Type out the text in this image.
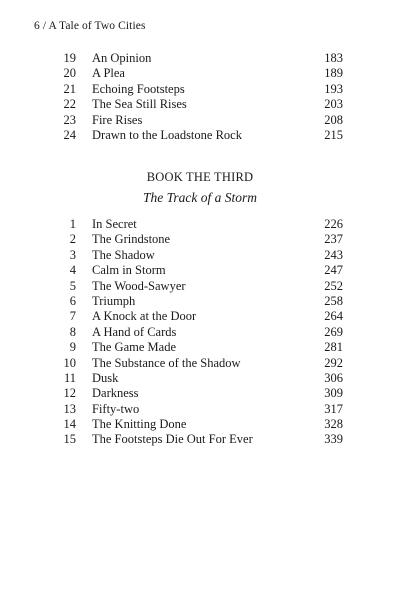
6 / A Tale of Two Cities
19	An Opinion	183
20	A Plea	189
21	Echoing Footsteps	193
22	The Sea Still Rises	203
23	Fire Rises	208
24	Drawn to the Loadstone Rock	215
BOOK THE THIRD
The Track of a Storm
1	In Secret	226
2	The Grindstone	237
3	The Shadow	243
4	Calm in Storm	247
5	The Wood-Sawyer	252
6	Triumph	258
7	A Knock at the Door	264
8	A Hand of Cards	269
9	The Game Made	281
10	The Substance of the Shadow	292
11	Dusk	306
12	Darkness	309
13	Fifty-two	317
14	The Knitting Done	328
15	The Footsteps Die Out For Ever	339
